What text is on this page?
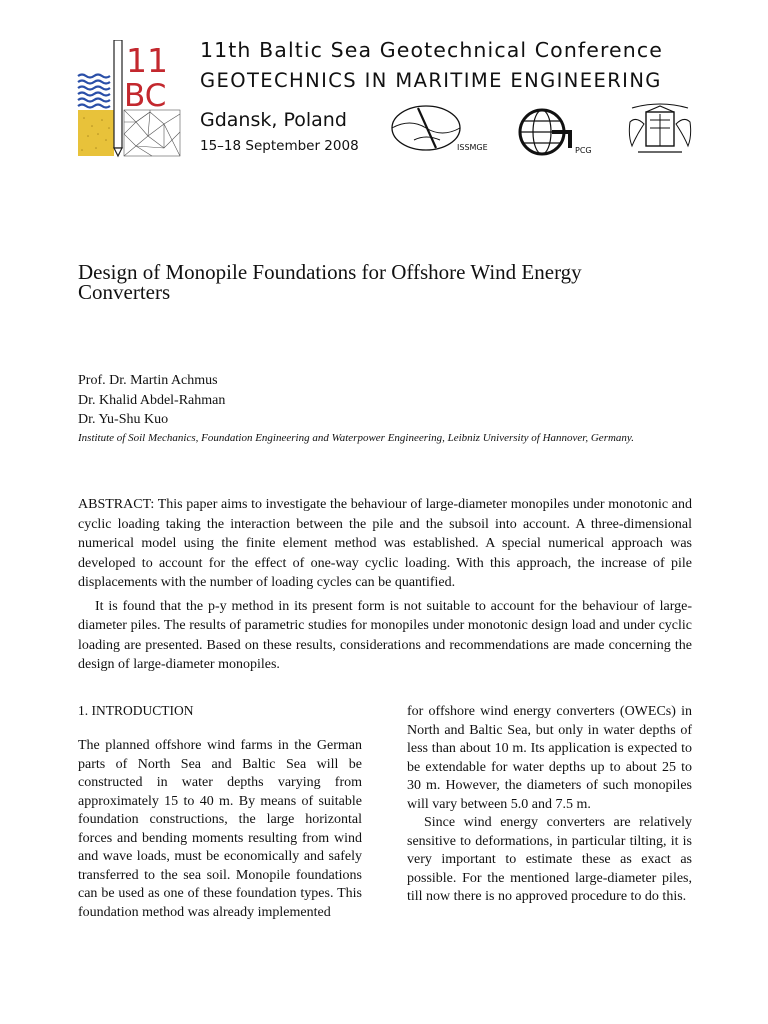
11
BC
11th Baltic Sea Geotechnical Conference
GEOTECHNICS IN MARITIME ENGINEERING
Gdansk, Poland
15–18 September 2008	ISSMGE	PCG
Design of Monopile Foundations for Offshore Wind Energy Converters
Prof. Dr. Martin Achmus
Dr. Khalid Abdel-Rahman
Dr. Yu-Shu Kuo
Institute of Soil Mechanics, Foundation Engineering and Waterpower Engineering, Leibniz University of Hannover, Germany.

ABSTRACT: This paper aims to investigate the behaviour of large-diameter monopiles under monotonic and cyclic loading taking the interaction between the pile and the subsoil into account. A three-dimensional numerical model using the finite element method was established. A special numerical approach was developed to account for the effect of one-way cyclic loading. With this approach, the increase of pile displacements with the number of loading cycles can be quantified.

It is found that the p-y method in its present form is not suitable to account for the behaviour of large-diameter piles. The results of parametric studies for monopiles under monotonic design load and under cyclic loading are presented. Based on these results, considerations and recommendations are made concerning the design of large-diameter monopiles.

1. INTRODUCTION

The planned offshore wind farms in the German parts of North Sea and Baltic Sea will be constructed in water depths varying from approximately 15 to 40 m. By means of suitable foundation constructions, the large horizontal forces and bending moments resulting from wind and wave loads, must be economically and safely transferred to the sea soil. Monopile foundations can be used as one of these foundation types. This foundation method was already implemented

for offshore wind energy converters (OWECs) in North and Baltic Sea, but only in water depths of less than about 10 m. Its application is expected to be extendable for water depths up to about 25 to 30 m. However, the diameters of such monopiles will vary between 5.0 and 7.5 m.

Since wind energy converters are relatively sensitive to deformations, in particular tilting, it is very important to estimate these as exact as possible. For the mentioned large-diameter piles, till now there is no approved procedure to do this.
